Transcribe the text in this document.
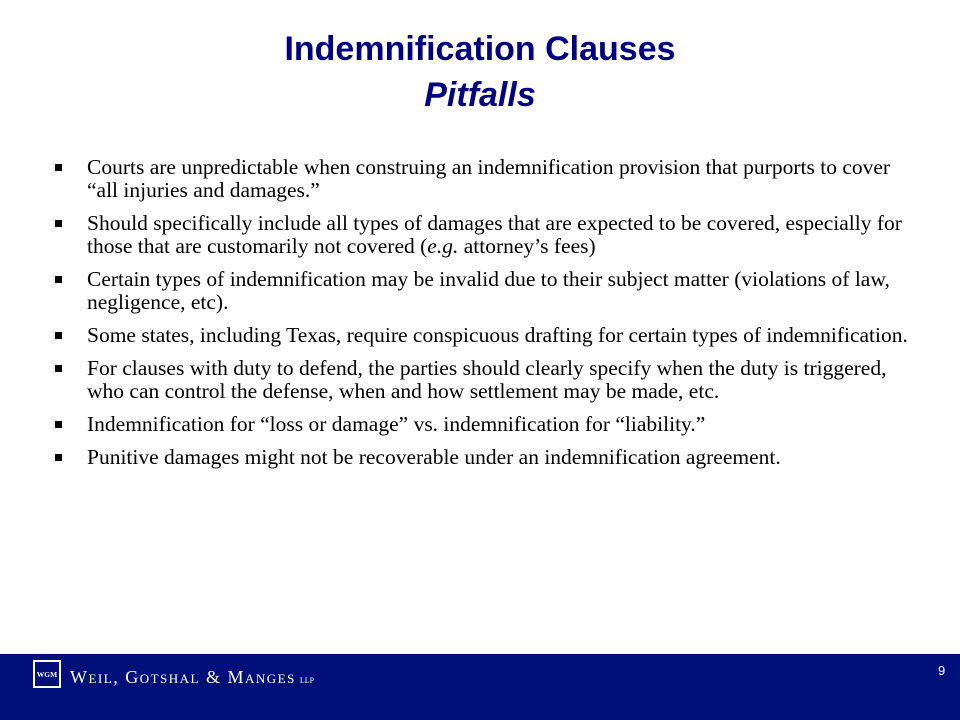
Indemnification Clauses
Pitfalls
Courts are unpredictable when construing an indemnification provision that purports to cover “all injuries and damages.”
Should specifically include all types of damages that are expected to be covered, especially for those that are customarily not covered (e.g. attorney’s fees)
Certain types of indemnification may be invalid due to their subject matter (violations of law, negligence, etc).
Some states, including Texas, require conspicuous drafting for certain types of indemnification.
For clauses with duty to defend, the parties should clearly specify when the duty is triggered, who can control the defense, when and how settlement may be made, etc.
Indemnification for “loss or damage” vs. indemnification for “liability.”
Punitive damages might not be recoverable under an indemnification agreement.
WGM Weil, Gotshal & Manges LLP
9
